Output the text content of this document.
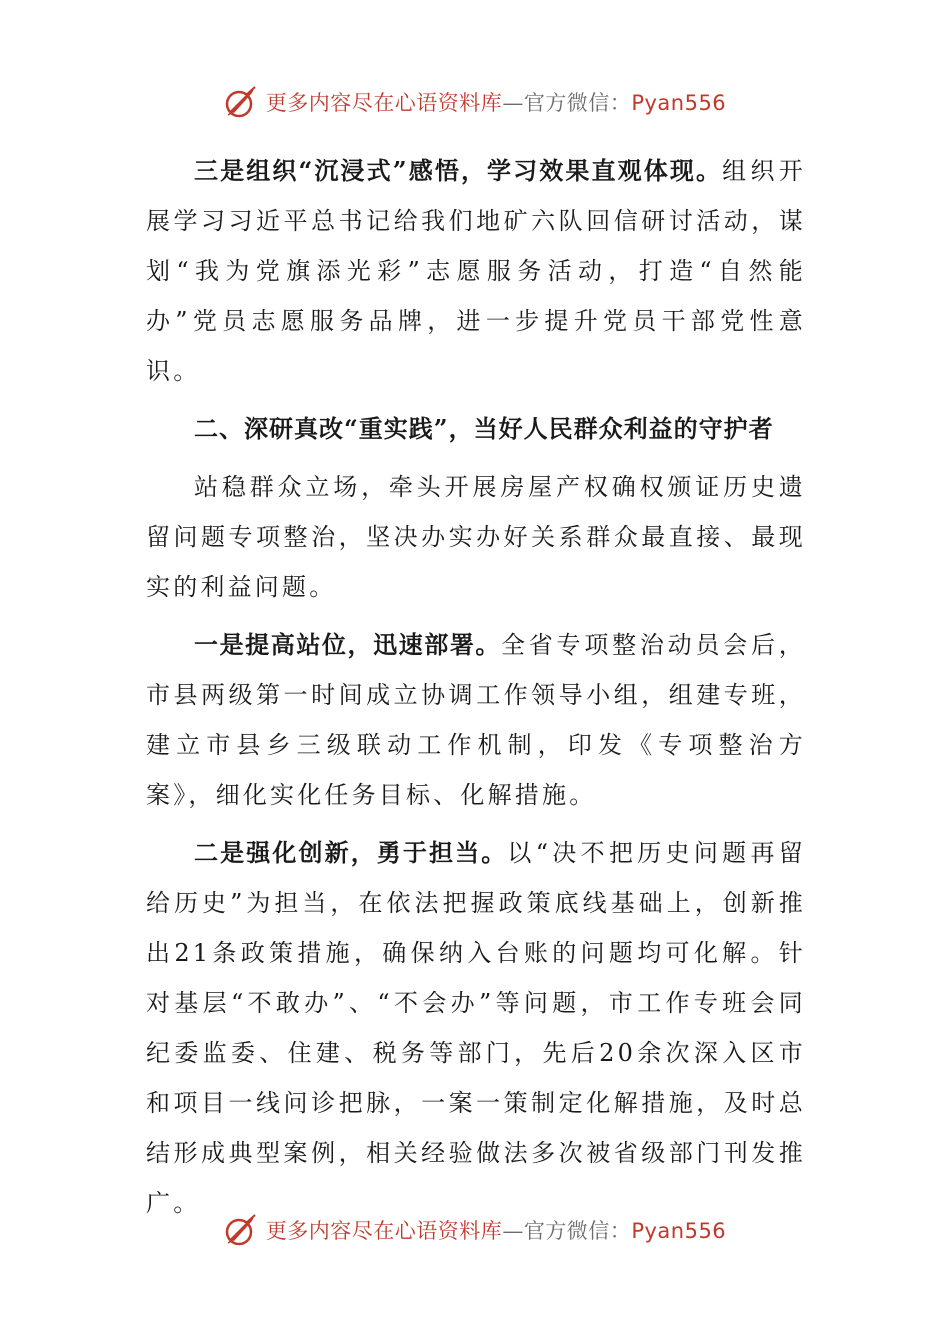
更多内容尽在心语资料库—官方微信：Pyan556

三是组织“沉浸式”感悟，学习效果直观体现。组织开展学习习近平总书记给我们地矿六队回信研讨活动，谋划“我为党旗添光彩”志愿服务活动，打造“自然能办”党员志愿服务品牌，进一步提升党员干部党性意识。

二、深研真改“重实践”，当好人民群众利益的守护者

站稳群众立场，牵头开展房屋产权确权颁证历史遗留问题专项整治，坚决办实办好关系群众最直接、最现实的利益问题。

一是提高站位，迅速部署。全省专项整治动员会后，市县两级第一时间成立协调工作领导小组，组建专班，建立市县乡三级联动工作机制，印发《专项整治方案》，细化实化任务目标、化解措施。

二是强化创新，勇于担当。以“决不把历史问题再留给历史”为担当，在依法把握政策底线基础上，创新推出21条政策措施，确保纳入台账的问题均可化解。针对基层“不敢办”、“不会办”等问题，市工作专班会同纪委监委、住建、税务等部门，先后20余次深入区市和项目一线问诊把脉，一案一策制定化解措施，及时总结形成典型案例，相关经验做法多次被省级部门刊发推广。

更多内容尽在心语资料库—官方微信：Pyan556
